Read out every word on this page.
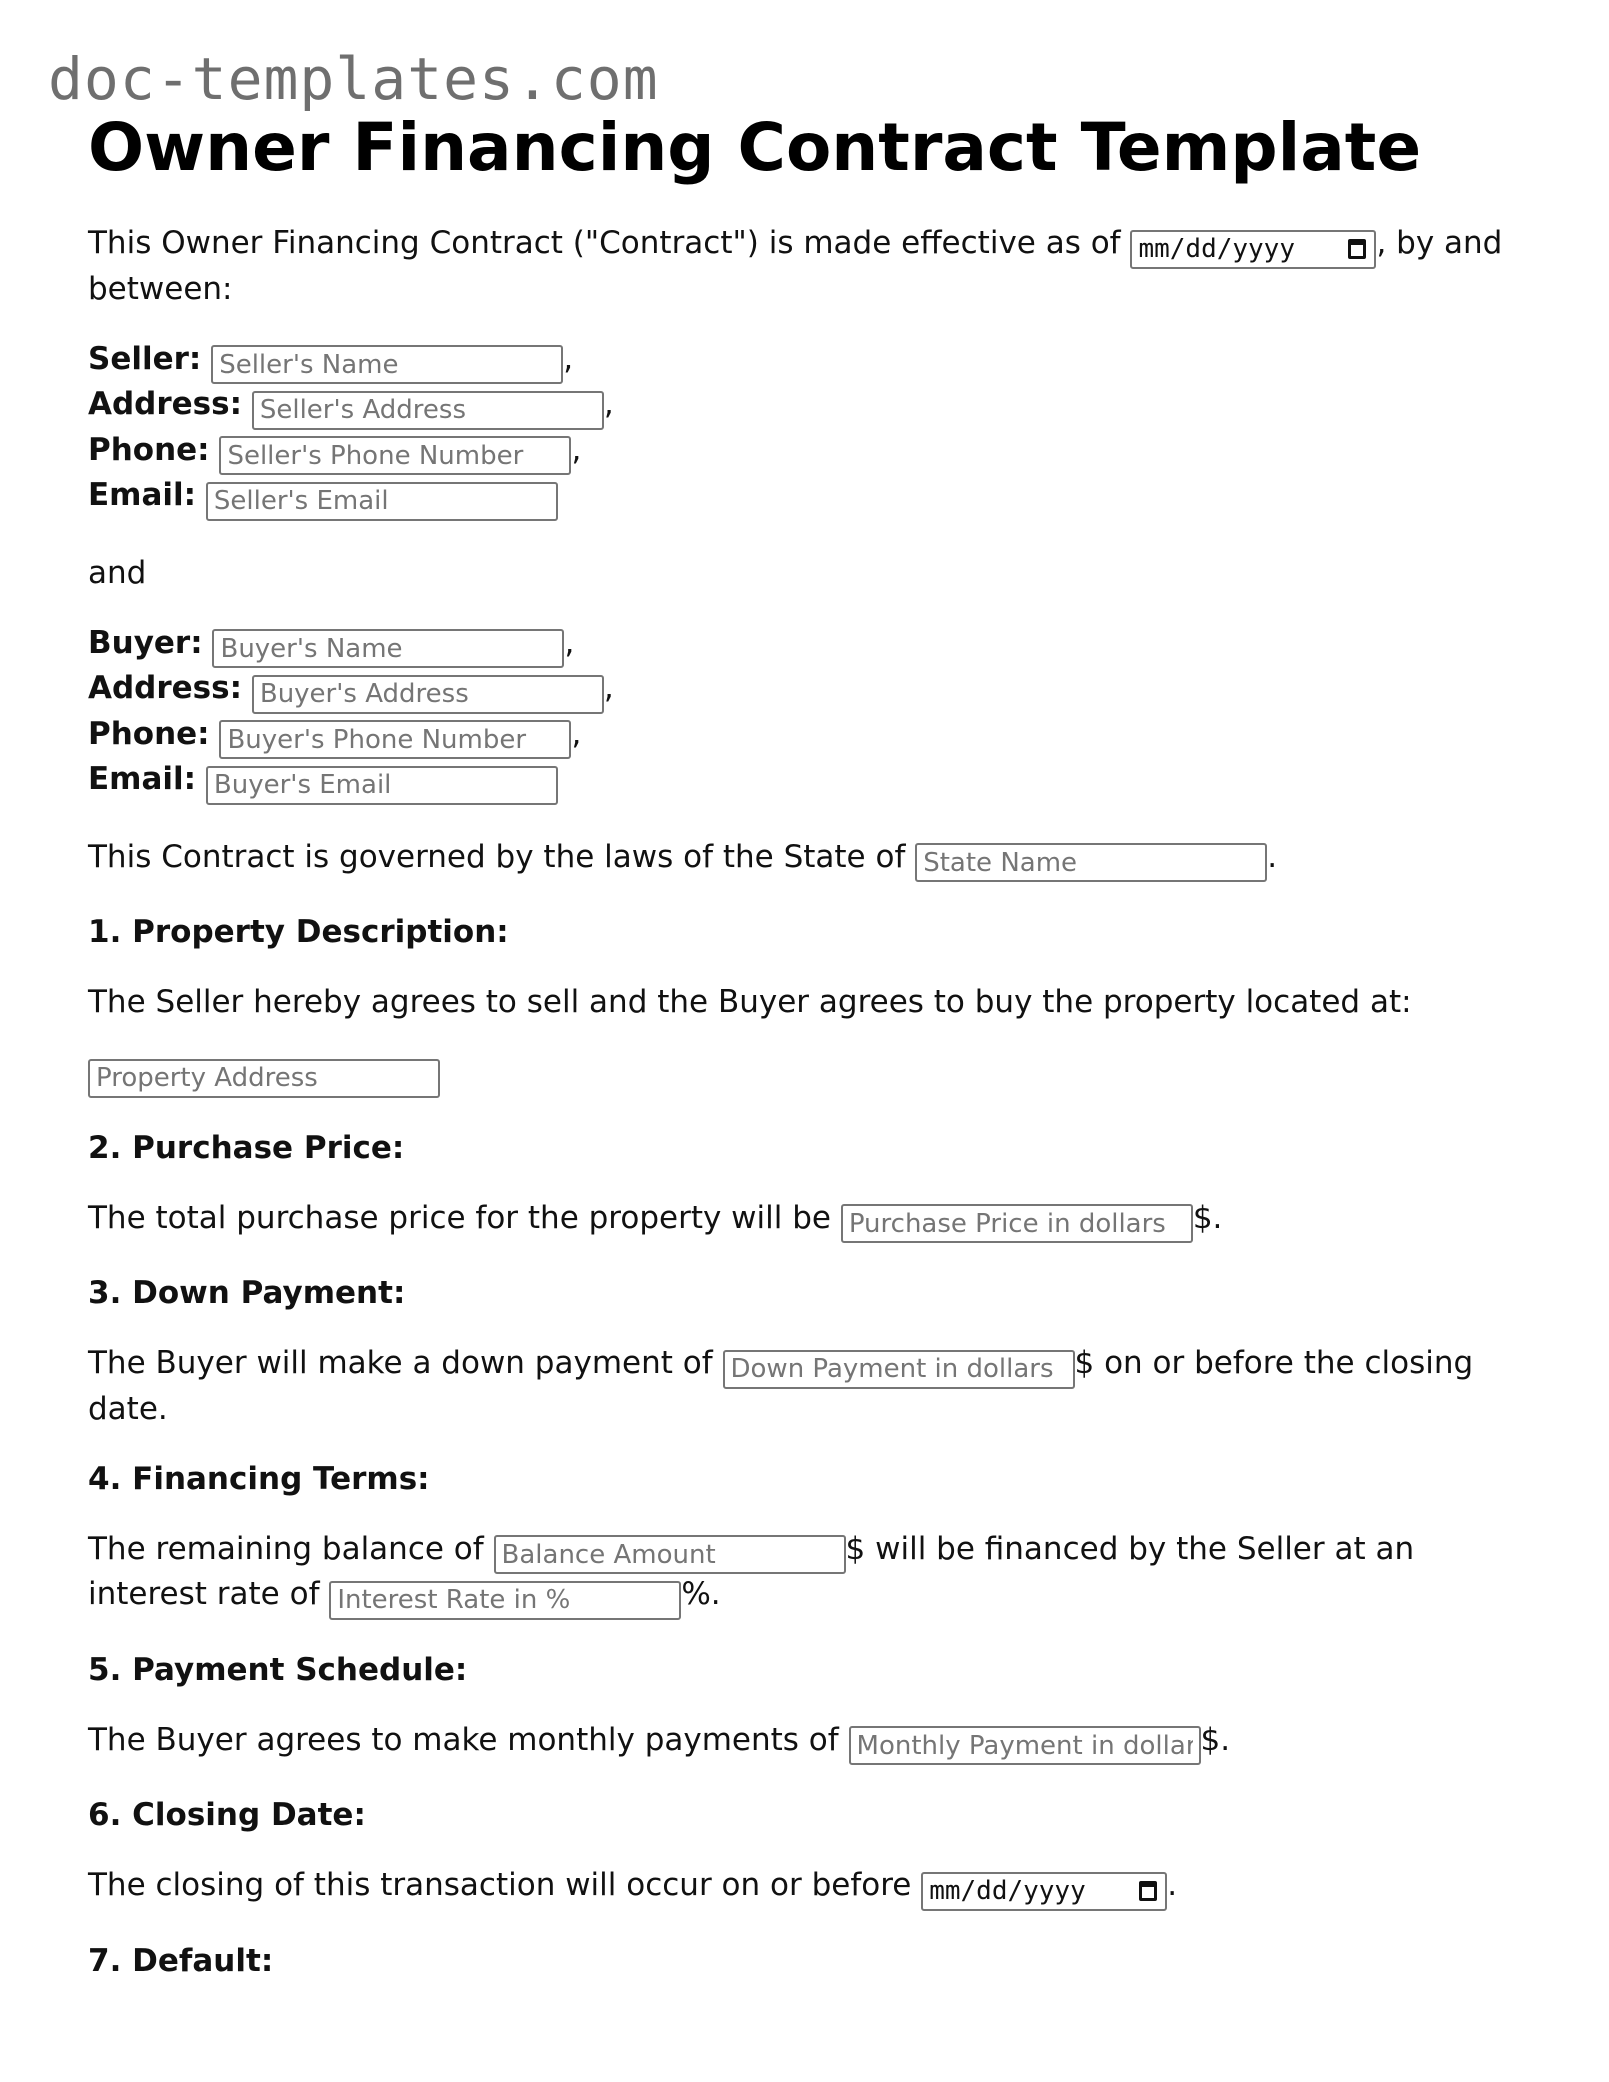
doc-templates.com
Owner Financing Contract Template

This Owner Financing Contract ("Contract") is made effective as of mm/dd/yyyy	, by and between:

Seller: Seller's Name	,
Address: Seller's Address	,
Phone: Seller's Phone Number	,
Email: Seller's Email

and

Buyer: Buyer's Name	,
Address: Buyer's Address	,
Phone: Buyer's Phone Number	,
Email: Buyer's Email

This Contract is governed by the laws of the State of State Name	.

1. Property Description:

The Seller hereby agrees to sell and the Buyer agrees to buy the property located at:

Property Address

2. Purchase Price:

The total purchase price for the property will be Purchase Price in dollars	$.

3. Down Payment:

The Buyer will make a down payment of Down Payment in dollars	$ on or before the closing date.

4. Financing Terms:

The remaining balance of Balance Amount	$ will be financed by the Seller at an interest rate of Interest Rate in %	%.

5. Payment Schedule:

The Buyer agrees to make monthly payments of Monthly Payment in dollars	$.

6. Closing Date:

The closing of this transaction will occur on or before mm/dd/yyyy	.

7. Default:
